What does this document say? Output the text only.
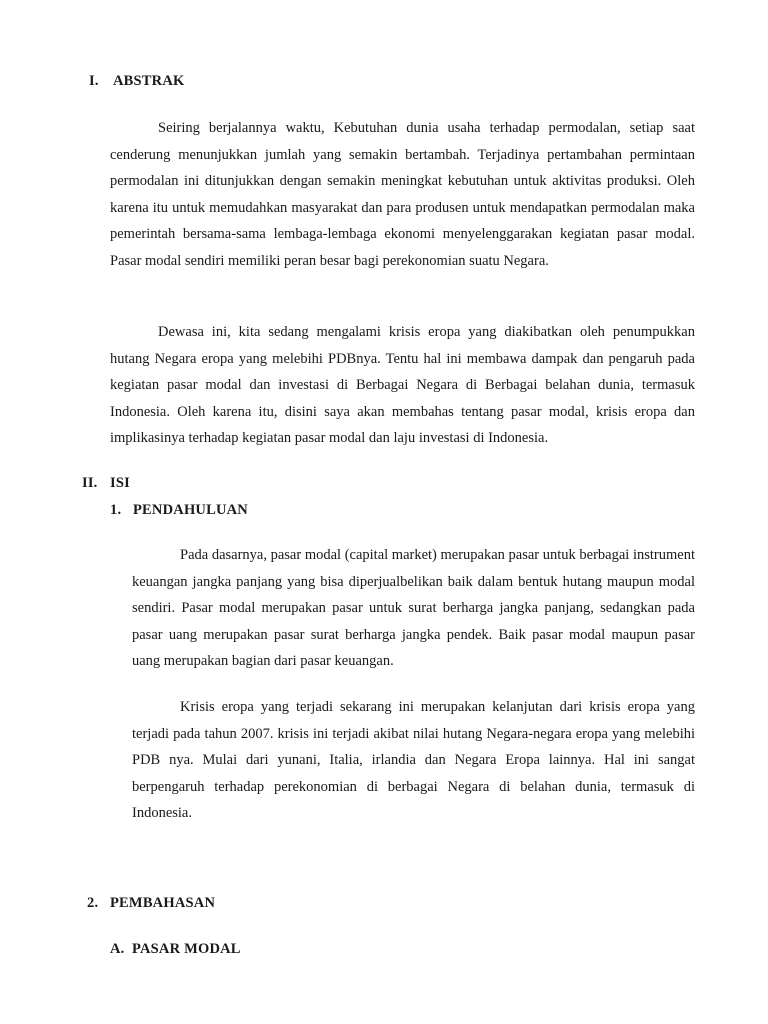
I. ABSTRAK

Seiring berjalannya waktu, Kebutuhan dunia usaha terhadap permodalan, setiap saat cenderung menunjukkan jumlah yang semakin bertambah. Terjadinya pertambahan permintaan permodalan ini ditunjukkan dengan semakin meningkat kebutuhan untuk aktivitas produksi. Oleh karena itu untuk memudahkan masyarakat dan para produsen untuk mendapatkan permodalan maka pemerintah bersama-sama lembaga-lembaga ekonomi menyelenggarakan kegiatan pasar modal. Pasar modal sendiri memiliki peran besar bagi perekonomian suatu Negara.

Dewasa ini, kita sedang mengalami krisis eropa yang diakibatkan oleh penumpukkan hutang Negara eropa yang melebihi PDBnya. Tentu hal ini membawa dampak dan pengaruh pada kegiatan pasar modal dan investasi di Berbagai Negara di Berbagai belahan dunia, termasuk Indonesia. Oleh karena itu, disini saya akan membahas tentang pasar modal, krisis eropa dan implikasinya terhadap kegiatan pasar modal dan laju investasi di Indonesia.

II. ISI
1. PENDAHULUAN

Pada dasarnya, pasar modal (capital market) merupakan pasar untuk berbagai instrument keuangan jangka panjang yang bisa diperjualbelikan baik dalam bentuk hutang maupun modal sendiri. Pasar modal merupakan pasar untuk surat berharga jangka panjang, sedangkan pada pasar uang merupakan pasar surat berharga jangka pendek. Baik pasar modal maupun pasar uang merupakan bagian dari pasar keuangan.

Krisis eropa yang terjadi sekarang ini merupakan kelanjutan dari krisis eropa yang terjadi pada tahun 2007. krisis ini terjadi akibat nilai hutang Negara-negara eropa yang melebihi PDB nya. Mulai dari yunani, Italia, irlandia dan Negara Eropa lainnya. Hal ini sangat berpengaruh terhadap perekonomian di berbagai Negara di belahan dunia, termasuk di Indonesia.

2. PEMBAHASAN
A. PASAR MODAL
